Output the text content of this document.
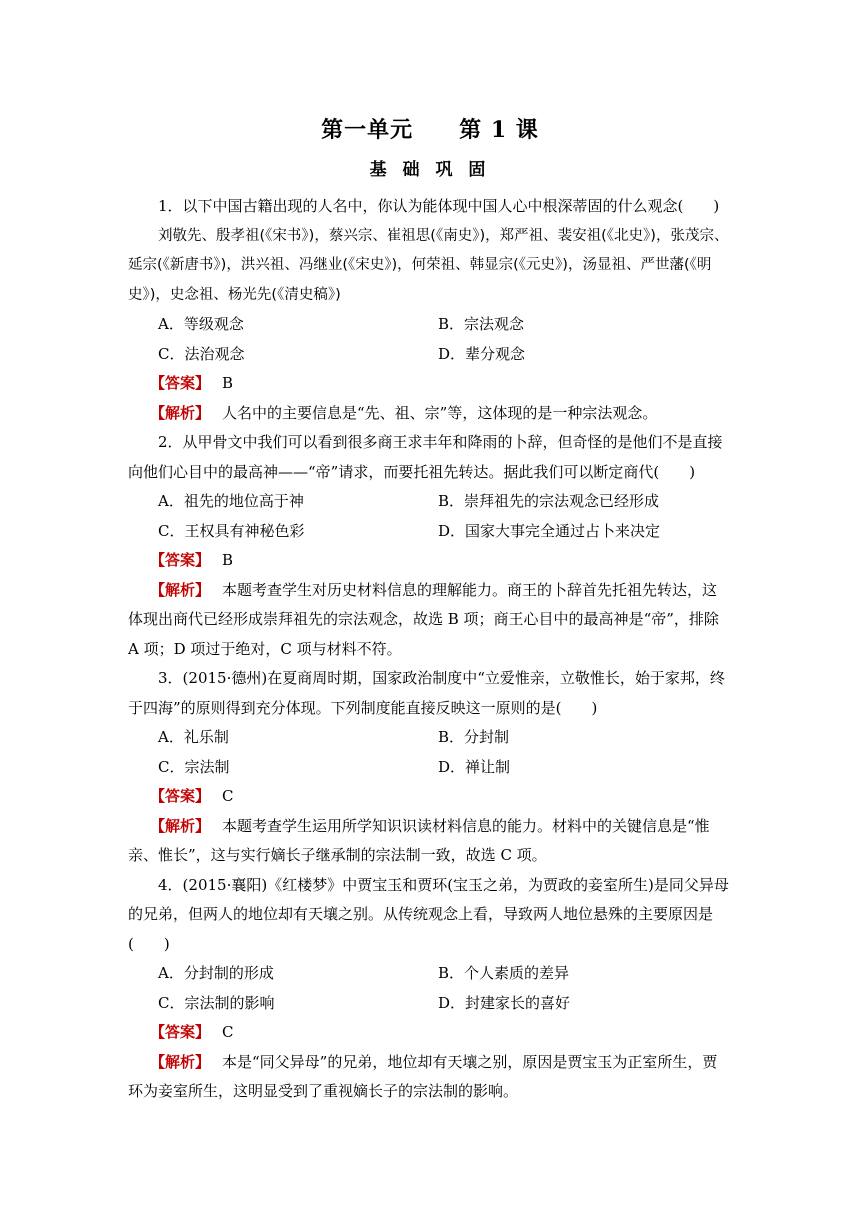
第一单元　　第 1 课
基 础 巩 固

1．以下中国古籍出现的人名中，你认为能体现中国人心中根深蒂固的什么观念(　　)

刘敬先、殷孝祖(《宋书》)，蔡兴宗、崔祖思(《南史》)，郑严祖、裴安祖(《北史》)，张茂宗、延宗(《新唐书》)，洪兴祖、冯继业(《宋史》)，何荣祖、韩显宗(《元史》)，汤显祖、严世藩(《明史》)，史念祖、杨光先(《清史稿》)

A．等级观念	B．宗法观念
C．法治观念	D．辈分观念

【答案】 B

【解析】 人名中的主要信息是“先、祖、宗”等，这体现的是一种宗法观念。

2．从甲骨文中我们可以看到很多商王求丰年和降雨的卜辞，但奇怪的是他们不是直接向他们心目中的最高神——“帝”请求，而要托祖先转达。据此我们可以断定商代(　　)

A．祖先的地位高于神	B．崇拜祖先的宗法观念已经形成
C．王权具有神秘色彩	D．国家大事完全通过占卜来决定

【答案】 B

【解析】 本题考查学生对历史材料信息的理解能力。商王的卜辞首先托祖先转达，这体现出商代已经形成崇拜祖先的宗法观念，故选 B 项；商王心目中的最高神是“帝”，排除 A 项；D 项过于绝对，C 项与材料不符。

3．(2015·德州)在夏商周时期，国家政治制度中“立爱惟亲，立敬惟长，始于家邦，终于四海”的原则得到充分体现。下列制度能直接反映这一原则的是(　　)

A．礼乐制	B．分封制
C．宗法制	D．禅让制

【答案】 C

【解析】 本题考查学生运用所学知识识读材料信息的能力。材料中的关键信息是“惟亲、惟长”，这与实行嫡长子继承制的宗法制一致，故选 C 项。

4．(2015·襄阳)《红楼梦》中贾宝玉和贾环(宝玉之弟，为贾政的妾室所生)是同父异母的兄弟，但两人的地位却有天壤之别。从传统观念上看，导致两人地位悬殊的主要原因是(　　)

A．分封制的形成	B．个人素质的差异
C．宗法制的影响	D．封建家长的喜好

【答案】 C

【解析】 本是“同父异母”的兄弟，地位却有天壤之别，原因是贾宝玉为正室所生，贾环为妾室所生，这明显受到了重视嫡长子的宗法制的影响。
